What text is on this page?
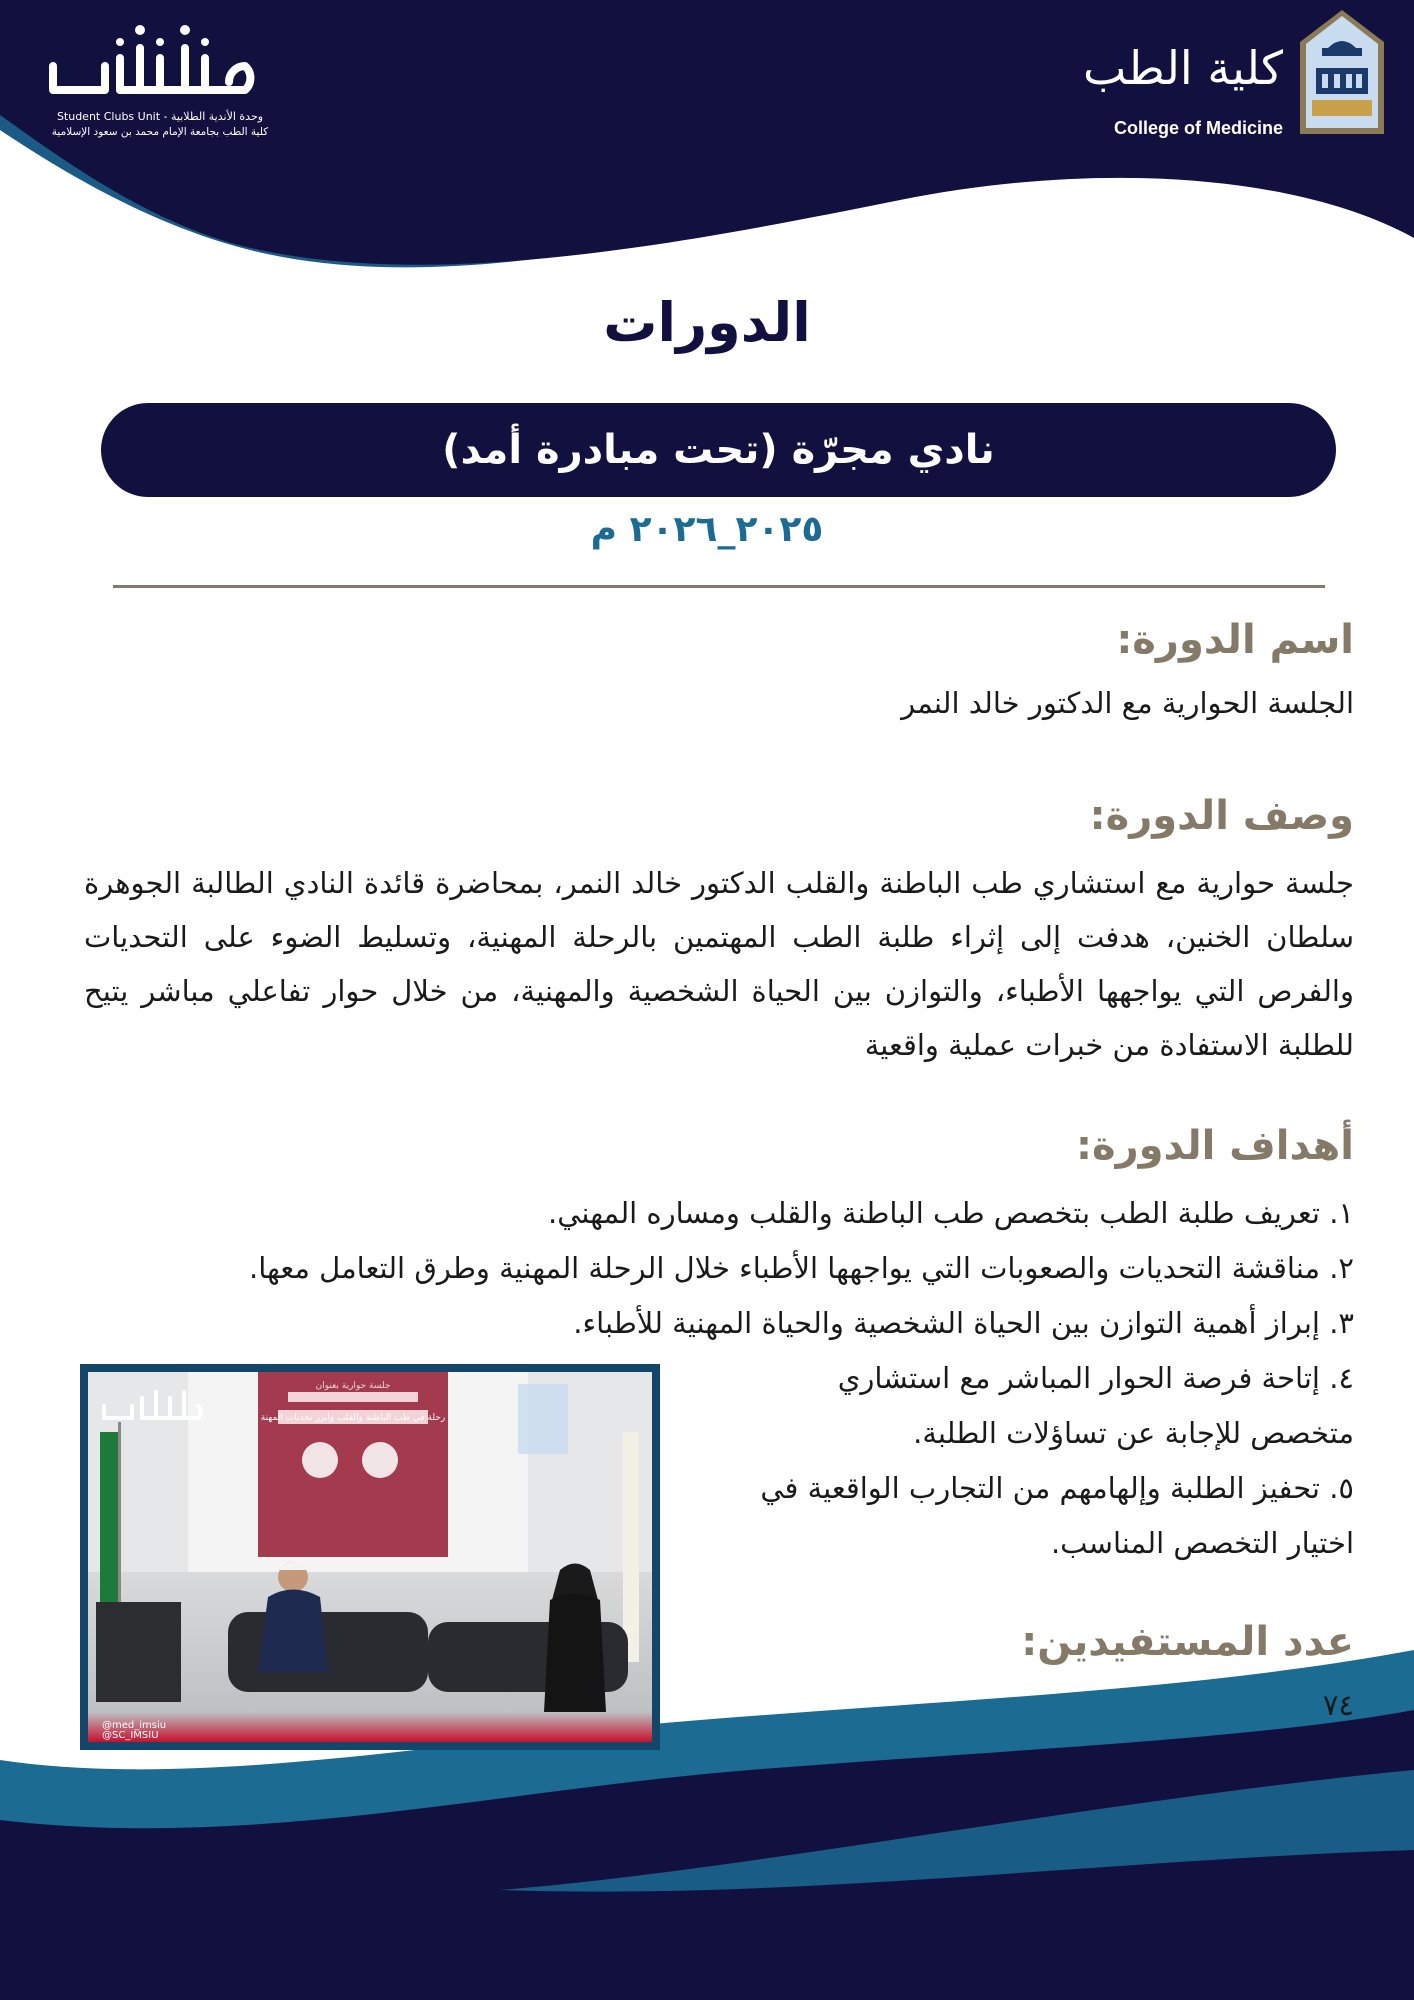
Student Clubs Unit - وحدة الأندية الطلابية
كلية الطب بجامعة الإمام محمد بن سعود الإسلامية
كلية الطب
College of Medicine
الدورات
نادي مجرّة (تحت مبادرة أمد)
٢٠٢٥_٢٠٢٦ م
اسم الدورة:
الجلسة الحوارية مع الدكتور خالد النمر
وصف الدورة:
جلسة حوارية مع استشاري طب الباطنة والقلب الدكتور خالد النمر، بمحاضرة قائدة النادي الطالبة الجوهرة سلطان الخنين، هدفت إلى إثراء طلبة الطب المهتمين بالرحلة المهنية، وتسليط الضوء على التحديات والفرص التي يواجهها الأطباء، والتوازن بين الحياة الشخصية والمهنية، من خلال حوار تفاعلي مباشر يتيح للطلبة الاستفادة من خبرات عملية واقعية
أهداف الدورة:
١. تعريف طلبة الطب بتخصص طب الباطنة والقلب ومساره المهني.
٢. مناقشة التحديات والصعوبات التي يواجهها الأطباء خلال الرحلة المهنية وطرق التعامل معها.
٣. إبراز أهمية التوازن بين الحياة الشخصية والحياة المهنية للأطباء.
٤. إتاحة فرصة الحوار المباشر مع استشاري متخصص للإجابة عن تساؤلات الطلبة.
٥. تحفيز الطلبة وإلهامهم من التجارب الواقعية في اختيار التخصص المناسب.
عدد المستفيدين:
٧٤
@med_imsiu
@SC_IMSIU
جلسة حوارية بعنوان
رحلة في طب الباطنة والقلب وأبرز تحديات المهنة
